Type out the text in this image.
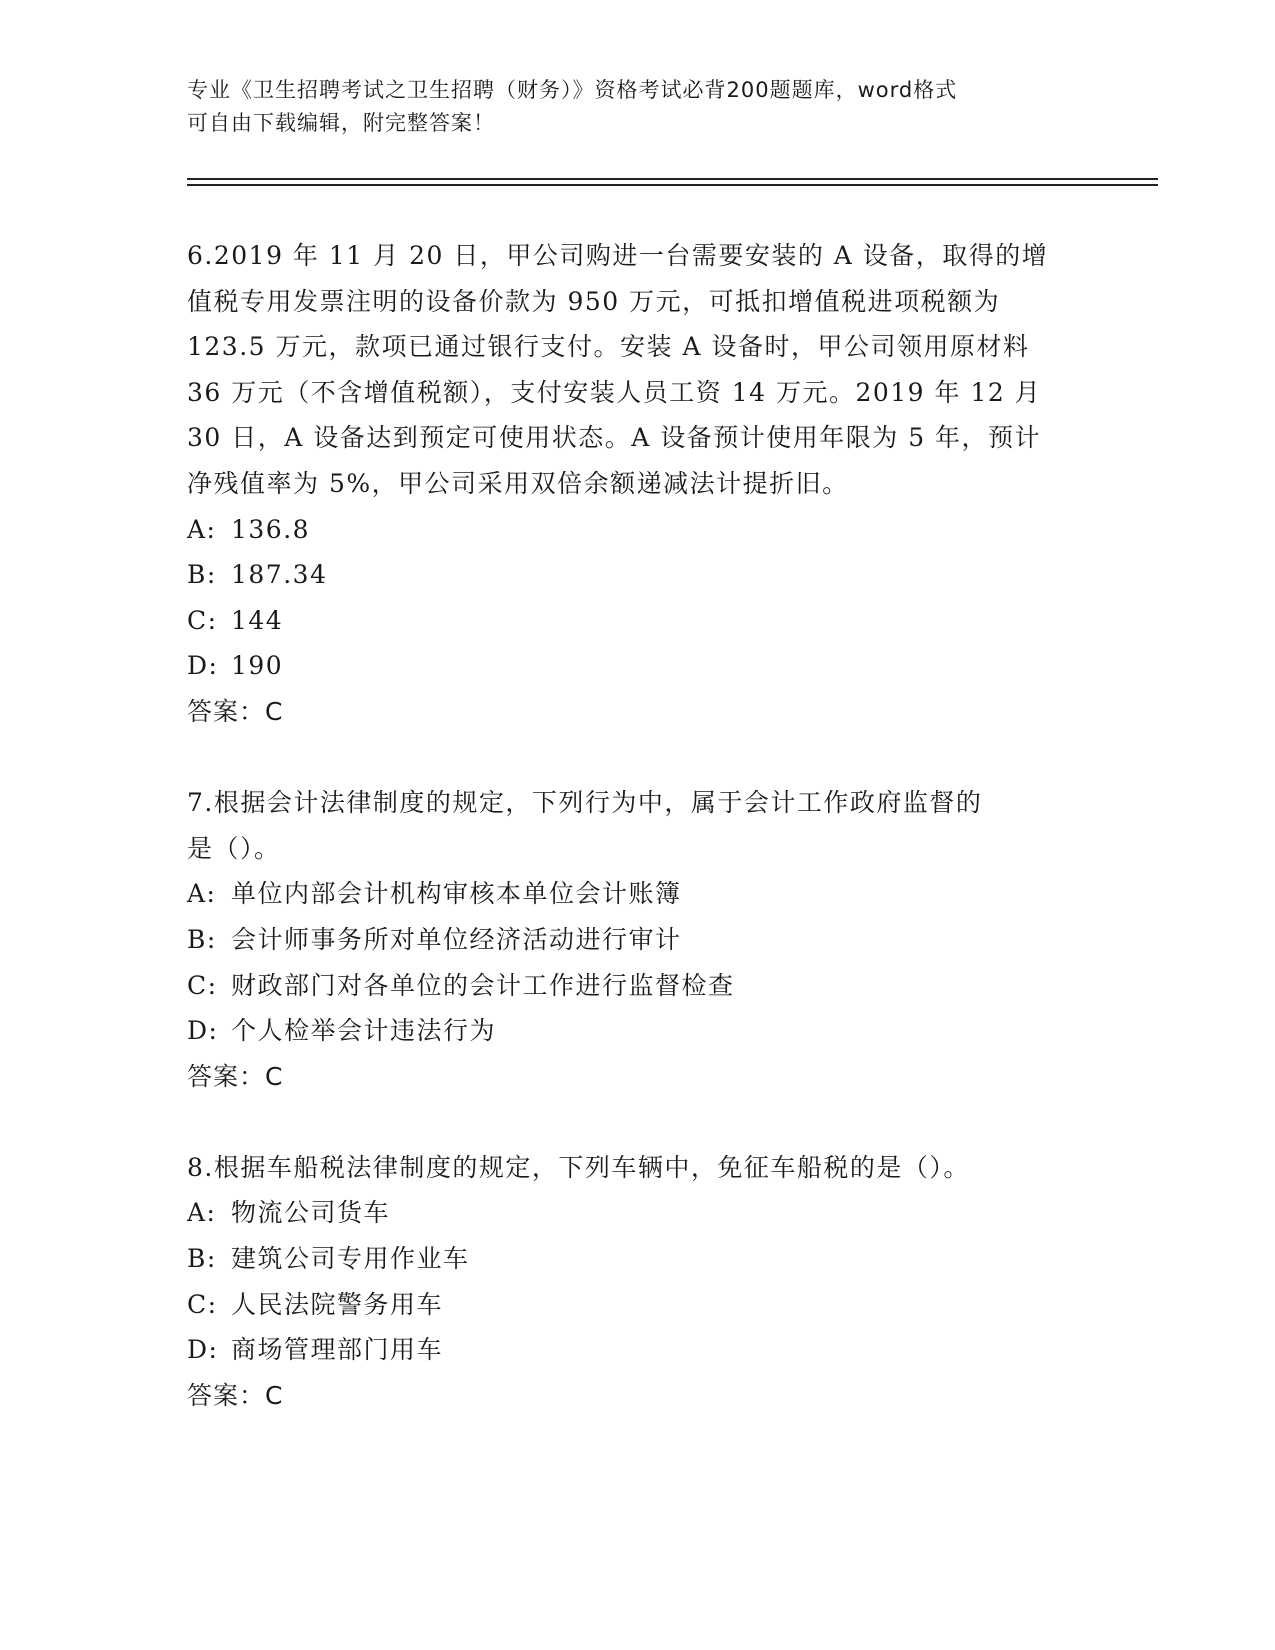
专业《卫生招聘考试之卫生招聘（财务）》资格考试必背200题题库，word格式
可自由下载编辑，附完整答案！
6.2019 年 11 月 20 日，甲公司购进一台需要安装的 A 设备，取得的增
值税专用发票注明的设备价款为 950 万元，可抵扣增值税进项税额为
123.5 万元，款项已通过银行支付。安装 A 设备时，甲公司领用原材料
36 万元（不含增值税额），支付安装人员工资 14 万元。2019 年 12 月
30 日，A 设备达到预定可使用状态。A 设备预计使用年限为 5 年，预计
净残值率为 5%，甲公司采用双倍余额递减法计提折旧。
A: 136.8
B: 187.34
C: 144
D: 190
答案：C
7.根据会计法律制度的规定，下列行为中，属于会计工作政府监督的
是（）。
A: 单位内部会计机构审核本单位会计账簿
B: 会计师事务所对单位经济活动进行审计
C: 财政部门对各单位的会计工作进行监督检查
D: 个人检举会计违法行为
答案：C
8.根据车船税法律制度的规定，下列车辆中，免征车船税的是（）。
A: 物流公司货车
B: 建筑公司专用作业车
C: 人民法院警务用车
D: 商场管理部门用车
答案：C
